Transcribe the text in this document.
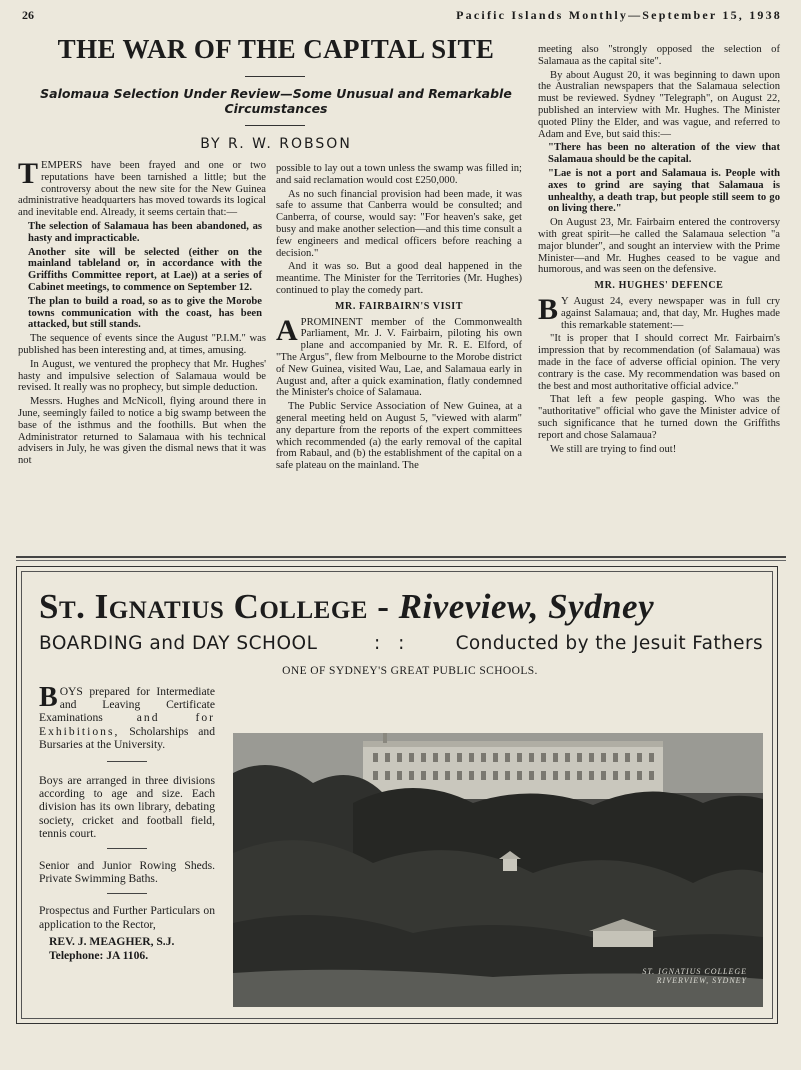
26	Pacific Islands Monthly—September 15, 1938
THE WAR OF THE CAPITAL SITE
Salomaua Selection Under Review—Some Unusual and Remarkable Circumstances
BY R. W. ROBSON

TEMPERS have been frayed and one or two reputations have been tarnished a little; but the controversy about the new site for the New Guinea administrative headquarters has moved towards its logical and inevitable end. Already, it seems certain that:—

The selection of Salamaua has been abandoned, as hasty and impracticable.

Another site will be selected (either on the mainland tableland or, in accordance with the Griffiths Committee report, at Lae)) at a series of Cabinet meetings, to commence on September 12.

The plan to build a road, so as to give the Morobe towns communication with the coast, has been attacked, but still stands.

The sequence of events since the August "P.I.M." was published has been interesting and, at times, amusing.

In August, we ventured the prophecy that Mr. Hughes' hasty and impulsive selection of Salamaua would be revised. It really was no prophecy, but simple deduction.

Messrs. Hughes and McNicoll, flying around there in June, seemingly failed to notice a big swamp between the base of the isthmus and the foothills. But when the Administrator returned to Salamaua with his technical advisers in July, he was given the dismal news that it was not

possible to lay out a town unless the swamp was filled in; and said reclamation would cost £250,000.

As no such financial provision had been made, it was safe to assume that Canberra would be consulted; and Canberra, of course, would say: "For heaven's sake, get busy and make another selection—and this time consult a few engineers and medical officers before reaching a decision."

And it was so. But a good deal happened in the meantime. The Minister for the Territories (Mr. Hughes) continued to play the comedy part.

MR. FAIRBAIRN'S VISIT

APROMINENT member of the Commonwealth Parliament, Mr. J. V. Fairbairn, piloting his own plane and accompanied by Mr. R. E. Elford, of "The Argus", flew from Melbourne to the Morobe district of New Guinea, visited Wau, Lae, and Salamaua early in August and, after a quick examination, flatly condemned the Minister's choice of Salamaua.

The Public Service Association of New Guinea, at a general meeting held on August 5, "viewed with alarm" any departure from the reports of the expert committees which recommended (a) the early removal of the capital from Rabaul, and (b) the establishment of the capital on a safe plateau on the mainland. The

meeting also "strongly opposed the selection of Salamaua as the capital site".

By about August 20, it was beginning to dawn upon the Australian newspapers that the Salamaua selection must be reviewed. Sydney "Telegraph", on August 22, published an interview with Mr. Hughes. The Minister quoted Pliny the Elder, and was vague, and referred to Adam and Eve, but said this:—

"There has been no alteration of the view that Salamaua should be the capital.

"Lae is not a port and Salamaua is. People with axes to grind are saying that Salamaua is unhealthy, a death trap, but people still seem to go on living there."

On August 23, Mr. Fairbairn entered the controversy with great spirit—he called the Salamaua selection "a major blunder", and sought an interview with the Prime Minister—and Mr. Hughes ceased to be vague and humorous, and was seen on the defensive.

MR. HUGHES' DEFENCE

B Y August 24, every newspaper was in full cry against Salamaua; and, that day, Mr. Hughes made this remarkable statement:—

"It is proper that I should correct Mr. Fairbairn's impression that by recommendation (of Salamaua) was made in the face of adverse official opinion. The very contrary is the case. My recommendation was based on the best and most authoritative official advice."

That left a few people gasping. Who was the "authoritative" official who gave the Minister advice of such significance that he turned down the Griffiths report and chose Salamaua?

We still are trying to find out!

St. Ignatius College - Riveview, Sydney
BOARDING and DAY SCHOOL	: : Conducted by the Jesuit Fathers
ONE OF SYDNEY'S GREAT PUBLIC SCHOOLS.

BOYS prepared for Intermediate and Leaving Certificate Examinations	and for Exhibitions, Scholarships and Bursaries at the University.

Boys are arranged in three divisions according to age and size. Each division has its own library, debating society, cricket and football field, tennis court.

Senior and Junior Rowing Sheds. Private Swimming Baths.

Prospectus and Further Particulars on application to the Rector,

REV. J. MEAGHER, S.J.
Telephone: JA 1106.
ST. IGNATIUS COLLEGE
RIVERVIEW, SYDNEY
